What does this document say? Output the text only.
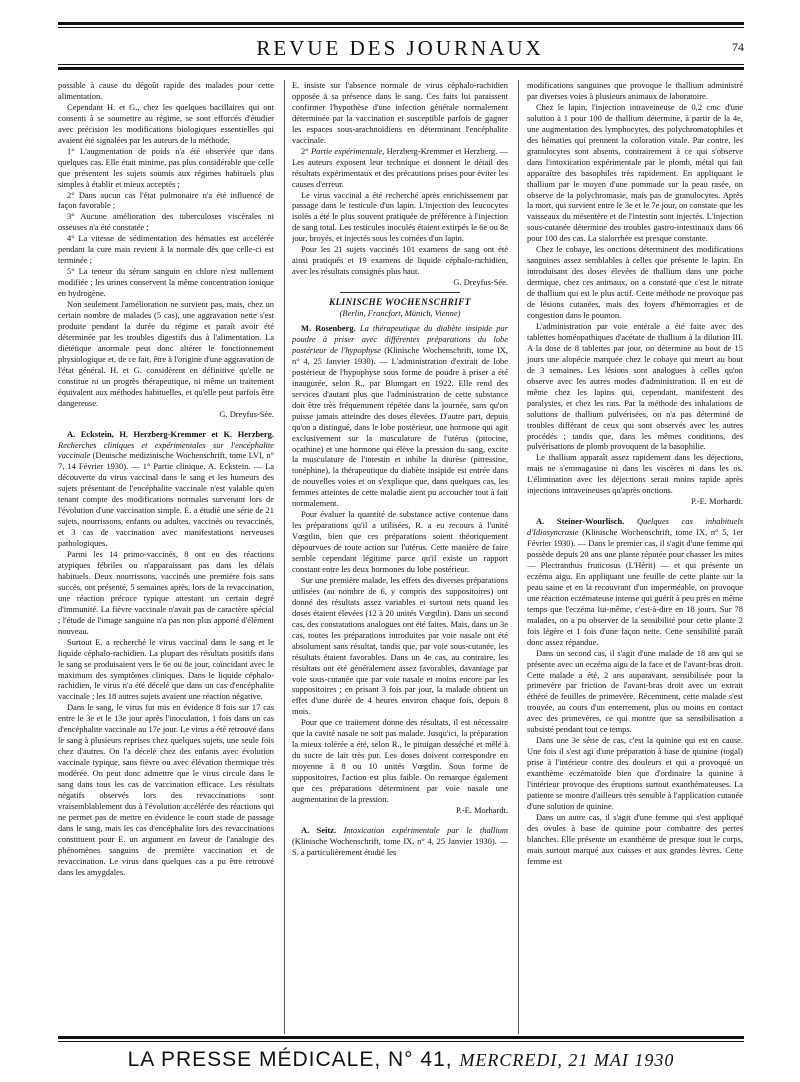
REVUE DES JOURNAUX	74

possible à cause du dégoût rapide des malades pour cette alimentation.

Cependant H. et G., chez les quelques bacillaires qui ont consenti à se soumettre au régime, se sont efforcés d'étudier avec précision les modifications biologiques essentielles qui avaient été signalées par les auteurs de la méthode.

1° L'augmentation de poids n'a été observée que dans quelques cas. Elle était minime, pas plus considérable que celle que présentent les sujets soumis aux régimes habituels plus simples à établir et mieux acceptés ;

2° Dans aucun cas l'état pulmonaire n'a été influencé de façon favorable ;

3° Aucune amélioration des tuberculoses viscérales ni osseuses n'a été constatée ;

4° La vitesse de sédimentation des hématies est accélérée pendant la cure mais revient à la normale dès que celle-ci est terminée ;

5° La teneur du sérum sanguin en chlore n'est nullement modifiée ; les urines conservent la même concentration ionique en hydrogène.

Non seulement l'amélioration ne survient pas, mais, chez un certain nombre de malades (5 cas), une aggravation nette s'est produite pendant la durée du régime et paraît avoir été déterminée par les troubles digestifs dus à l'alimentation. La diététique anormale peut donc altérer le fonctionnement physiologique et, de ce fait, être à l'origine d'une aggravation de l'état général. H. et G. considèrent en définitive qu'elle ne constitue ni un progrès thérapeutique, ni même un traitement équivalent aux méthodes habituelles, et qu'elle peut parfois être dangereuse.

G. Dreyfus-Sée.

A. Eckstein, H. Herzberg-Kremmer et K. Herzberg. Recherches cliniques et expérimentales sur l'encéphalite vaccinale (Deutsche medizinische Wochenschrift, tome LVI, n° 7, 14 Février 1930). — 1° Partie clinique, A. Eckstein. — La découverte du virus vaccinal dans le sang et les humeurs des sujets présentant de l'encéphalite vaccinale n'est valable qu'en tenant compte des modifications normales survenant lors de l'évolution d'une vaccination simple. E. a étudié une série de 21 sujets, nourrissons, enfants ou adultes, vaccinés ou revaccinés, et 3 cas de vaccination avec manifestations nerveuses pathologiques.

Parmi les 14 primo-vaccinés, 8 ont eu des réactions atypiques fébriles ou n'apparaissant pas dans les délais habituels. Deux nourrissons, vaccinés une première fois sans succès, ont présenté, 5 semaines après, lors de la revaccination, une réaction précoce typique attestant un certain degré d'immunité. La fièvre vaccinale n'avait pas de caractère spécial ; l'étude de l'image sanguine n'a pas non plus apporté d'élément nouveau.

Surtout E. a recherché le virus vaccinal dans le sang et le liquide céphalo-rachidien. La plupart des résultats positifs dans le sang se produisaient vers le 6e ou 8e jour, coïncidant avec le maximum des symptômes cliniques. Dans le liquide céphalo-rachidien, le virus n'a été décelé que dans un cas d'encéphalite vaccinale ; les 18 autres sujets avaient une réaction négative.

Dans le sang, le virus fut mis en évidence 8 fois sur 17 cas entre le 3e et le 13e jour après l'inoculation, 1 fois dans un cas d'encéphalite vaccinale au 17e jour. Le virus a été retrouvé dans le sang à plusieurs reprises chez quelques sujets, une seule fois chez d'autres. On l'a décelé chez des enfants avec évolution vaccinale typique, sans fièvre ou avec élévation thermique très modérée. On peut donc admettre que le virus circule dans le sang dans tous les cas de vaccination efficace. Les résultats négatifs observés lors des revaccinations sont vraisemblablement dus à l'évolution accélérée des réactions qui ne permet pas de mettre en évidence le court stade de passage dans le sang, mais les cas d'encéphalite lors des revaccinations constituent pour E. un argument en faveur de l'analogie des phénomènes sanguins de première vaccination et de revaccination. Le virus dans quelques cas a pu être retrouvé dans les amygdales.

E. insiste sur l'absence normale de virus céphalo-rachidien opposée à sa présence dans le sang. Ces faits lui paraissent confirmer l'hypothèse d'une infection générale normalement déterminée par la vaccination et susceptible parfois de gagner les espaces sous-arachnoïdiens en déterminant l'encéphalite vaccinale.

2° Partie expérimentale, Herzberg-Kremmer et Herzberg. — Les auteurs exposent leur technique et donnent le détail des résultats expérimentaux et des précautions prises pour éviter les causes d'erreur.

Le virus vaccinal a été recherché après enrichissement par passage dans le testicule d'un lapin. L'injection des leucocytes isolés a été le plus souvent pratiquée de préférence à l'injection de sang total. Les testicules inoculés étaient extirpés le 6e ou 8e jour, broyés, et injectés sous les cornées d'un lapin.

Pour les 21 sujets vaccinés 101 examens de sang ont été ainsi pratiqués et 19 examens de liquide céphalo-rachidien, avec les résultats consignés plus haut.

G. Dreyfus-Sée.

KLINISCHE WOCHENSCHRIFT

(Berlin, Francfort, Münich, Vienne)

M. Rosenberg. La thérapeutique du diabète insipide par poudre à priser avec différentes préparations du lobe postérieur de l'hypophyse (Klinische Wochenschrift, tome IX, n° 4, 25 Janvier 1930). — L'administration d'extrait de lobe postérieur de l'hypophyse sous forme de poudre à priser a été inaugurée, selon R., par Blumgart en 1922. Elle rend des services d'autant plus que l'administration de cette substance doit être très fréquemment répétée dans la journée, sans qu'on puisse jamais atteindre des doses élevées. D'autre part, depuis qu'on a distingué, dans le lobe postérieur, une hormone qui agit exclusivement sur la musculature de l'utérus (pitocine, ocathine) et une hormone qui élève la pression du sang, excite la musculature de l'intestin et inhibe la diurèse (pitressine, tonéphine), la thérapeutique du diabète insipide est entrée dans de nouvelles voies et on s'explique que, dans quelques cas, les femmes atteintes de cette maladie aient pu accoucher tout à fait normalement.

Pour évaluer la quantité de substance active contenue dans les préparations qu'il a utilisées, R. a eu recours à l'unité Vœgtlin, bien que ces préparations soient théoriquement dépourvues de toute action sur l'utérus. Cette manière de faire semble cependant légitime parce qu'il existe un rapport constant entre les deux hormones du lobe postérieur.

Sur une première malade, les effets des diverses préparations utilisées (au nombre de 6, y compris des suppositoires) ont donné des résultats assez variables et surtout nets quand les doses étaient élevées (12 à 20 unités Vœgtlin). Dans un second cas, des constatations analogues ont été faites. Mais, dans un 3e cas, toutes les préparations introduites par voie nasale ont été absolument sans résultat, tandis que, par voie sous-cutanée, les résultats étaient favorables. Dans un 4e cas, au contraire, les résultats ont été généralement assez favorables, davantage par voie sous-cutanée que par voie nasale et moins encore par les suppositoires ; en prisant 3 fois par jour, la malade obtient un effet d'une durée de 4 heures environ chaque fois, depuis 8 mois.

Pour que ce traitement donne des résultats, il est nécessaire que la cavité nasale ne soit pas malade. Jusqu'ici, la préparation la mieux tolérée a été, selon R., le pituigan desséché et mêlé à du sucre de lait très pur. Les doses doivent correspondre en moyenne à 8 ou 10 unités Vœgtlin. Sous forme de suppositoires, l'action est plus faible. On remarque également que ces préparations déterminent par voie nasale une augmentation de la pression.

P.-E. Morhardt.

A. Seitz. Intoxication expérimentale par le thallium (Klinische Wochenschrift, tome IX, n° 4, 25 Janvier 1930). — S. a particulièrement étudié les

modifications sanguines que provoque le thallium administré par diverses voies à plusieurs animaux de laboratoire.

Chez le lapin, l'injection intraveineuse de 0,2 cmc d'une solution à 1 pour 100 de thallium détermine, à partir de la 4e, une augmentation des lymphocytes, des polychromatophiles et des hématies qui prennent la coloration vitale. Par contre, les granulocytes sont absents, contrairement à ce qui s'observe dans l'intoxication expérimentale par le plomb, métal qui fait apparaître des basophiles très rapidement. En appliquant le thallium par le moyen d'une pommade sur la peau rasée, on observe de la polychromasie, mais pas de granulocytes. Après la mort, qui survient entre le 3e et le 7e jour, on constate que les vaisseaux du mésentère et de l'intestin sont injectés. L'injection sous-cutanée détermine des troubles gastro-intestinaux dans 66 pour 100 des cas. La sialorrhée est presque constante.

Chez le cobaye, les onctions déterminent des modifications sanguines assez semblables à celles que présente le lapin. En introduisant des doses élevées de thallium dans une poche dermique, chez ces animaux, on a constaté que c'est le nitrate de thallium qui est le plus actif. Cette méthode ne provoque pas de lésions cutanées, mais des foyers d'hémorragies et de congestion dans le poumon.

L'administration par voie entérale a été faite avec des tablettes homéopathiques d'acétate de thallium à la dilution III. A la dose de 8 tablettes par jour, on détermine au bout de 15 jours une alopécie marquée chez le cobaye qui meurt au bout de 3 semaines. Les lésions sont analogues à celles qu'on observe avec les autres modes d'administration. Il en est de même chez les lapins qui, cependant, manifestent des paralysies, et chez les rats. Par la méthode des inhalations de solutions de thallium pulvérisées, on n'a pas déterminé de troubles différant de ceux qui sont observés avec les autres procédés ; tandis que, dans les mêmes conditions, des pulvérisations de plomb provoquent de la basophilie.

Le thallium apparaît assez rapidement dans les déjections, mais ne s'emmagasine ni dans les viscères ni dans les os. L'élimination avec les déjections serait moins rapide après injections intraveineuses qu'après onctions.

P.-E. Morhardt.

A. Steiner-Wourlisch. Quelques cas inhabituels d'Idiosyncrasie (Klinische Wochenschrift, tome IX, n° 5, 1er Février 1930). — Dans le premier cas, il s'agit d'une femme qui possède depuis 20 ans une plante réputée pour chasser les mites — Plectranthus fruticosus (L'Hérit) — et qui présente un eczéma aigu. En appliquant une feuille de cette plante sur la peau saine et en la recouvrant d'un imperméable, on provoque une réaction eczémateuse intense qui guérit à peu près en même temps que l'eczéma lui-même, c'est-à-dire en 18 jours. Sur 78 malades, on a pu observer de la sensibilité pour cette plante 2 fois légère et 1 fois d'une façon nette. Cette sensibilité paraît donc assez répandue.

Dans un second cas, il s'agit d'une malade de 18 ans qui se présente avec un eczéma aigu de la face et de l'avant-bras droit. Cette malade a été, 2 ans auparavant, sensibilisée pour la primevère par friction de l'avant-bras droit avec un extrait éthéré de feuilles de primevère. Récemment, cette malade s'est trouvée, au cours d'un enterrement, plus ou moins en contact avec des primevères, ce qui montre que sa sensibilisation a subsisté pendant tout ce temps.

Dans une 3e série de cas, c'est la quinine qui est en cause. Une fois il s'est agi d'une préparation à base de quinine (togal) prise à l'intérieur contre des douleurs et qui a provoqué un exanthème eczématoïde bien que d'ordinaire la quinine à l'intérieur provoque des éruptions surtout exanthémateuses. La patiente se montre d'ailleurs très sensible à l'application cutanée d'une solution de quinine.

Dans un autre cas, il s'agit d'une femme qui s'est appliqué des ovules à base de quinine pour combattre des pertes blanches. Elle présente un exanthème de presque tout le corps, mais surtout marqué aux cuisses et aux grandes lèvres. Cette femme est

LA PRESSE MÉDICALE, N° 41, MERCREDI, 21 MAI 1930
